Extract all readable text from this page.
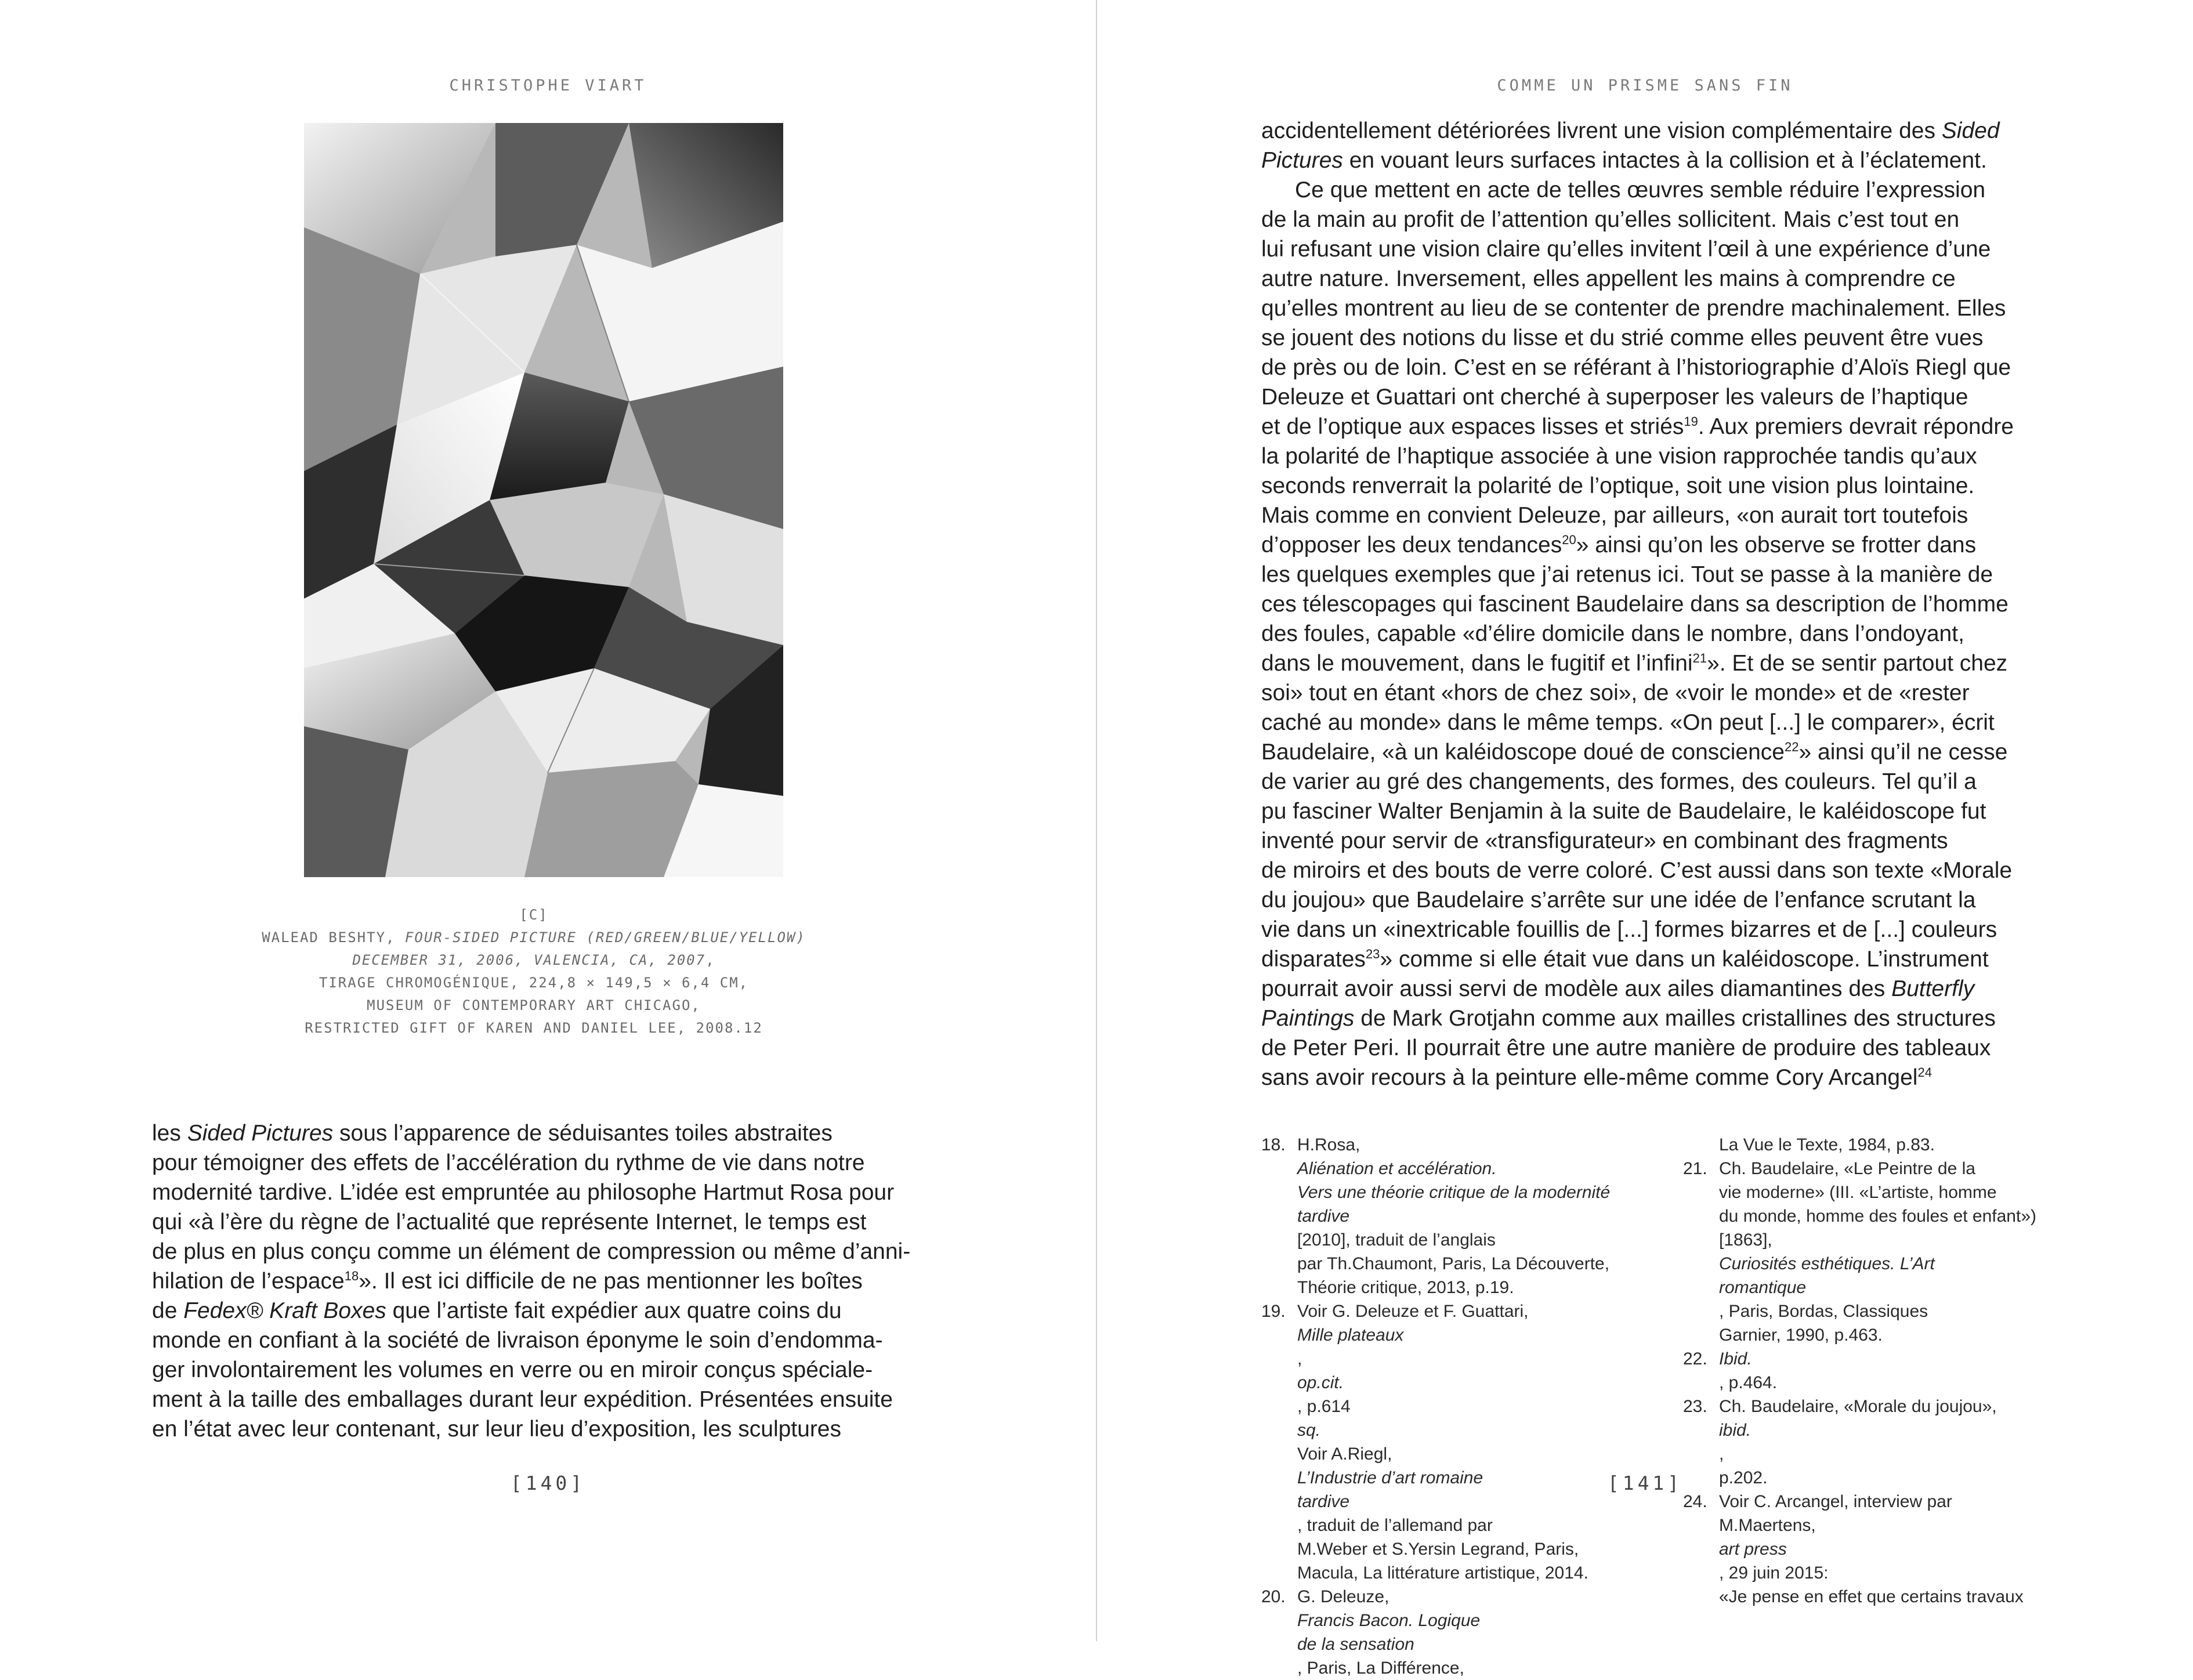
CHRISTOPHE VIART

[C]

WALEAD BESHTY, FOUR-SIDED PICTURE (RED/GREEN/BLUE/YELLOW)

DECEMBER 31, 2006, VALENCIA, CA, 2007,

TIRAGE CHROMOGÉNIQUE, 224,8 × 149,5 × 6,4 CM,

MUSEUM OF CONTEMPORARY ART CHICAGO,

RESTRICTED GIFT OF KAREN AND DANIEL LEE, 2008.12

les Sided Pictures sous l’apparence de séduisantes toiles abstraites
pour témoigner des effets de l’accélération du rythme de vie dans notre
modernité tardive. L’idée est empruntée au philosophe Hartmut Rosa pour
qui «à l’ère du règne de l’actualité que représente Internet, le temps est
de plus en plus conçu comme un élément de compression ou même d’anni-
hilation de l’espace$^{18}$». Il est ici difficile de ne pas mentionner les boîtes
de Fedex® Kraft Boxes que l’artiste fait expédier aux quatre coins du
monde en confiant à la société de livraison éponyme le soin d’endommа-
ger involontairement les volumes en verre ou en miroir conçus spéciale-
ment à la taille des emballages durant leur expédition. Présentées ensuite
en l’état avec leur contenant, sur leur lieu d’exposition, les sculptures
[140]

COMME UN PRISME SANS FIN

accidentellement détériorées livrent une vision complémentaire des Sided
Pictures en vouant leurs surfaces intactes à la collision et à l’éclatement.
Ce que mettent en acte de telles œuvres semble réduire l’expression
de la main au profit de l’attention qu’elles sollicitent. Mais c’est tout en
lui refusant une vision claire qu’elles invitent l’œil à une expérience d’une
autre nature. Inversement, elles appellent les mains à comprendre ce
qu’elles montrent au lieu de se contenter de prendre machinalement. Elles
se jouent des notions du lisse et du strié comme elles peuvent être vues
de près ou de loin. C’est en se référant à l’historiographie d’Aloïs Riegl que
Deleuze et Guattari ont cherché à superposer les valeurs de l’haptique
et de l’optique aux espaces lisses et striés$^{19}$. Aux premiers devrait répondre
la polarité de l’haptique associée à une vision rapprochée tandis qu’aux
seconds renverrait la polarité de l’optique, soit une vision plus lointaine.
Mais comme en convient Deleuze, par ailleurs, «on aurait tort toutefois
d’opposer les deux tendances$^{20}$» ainsi qu’on les observe se frotter dans
les quelques exemples que j’ai retenus ici. Tout se passe à la manière de
ces télescopages qui fascinent Baudelaire dans sa description de l’homme
des foules, capable «d’élire domicile dans le nombre, dans l’ondoyant,
dans le mouvement, dans le fugitif et l’infini$^{21}$». Et de se sentir partout chez
soi» tout en étant «hors de chez soi», de «voir le monde» et de «rester
caché au monde» dans le même temps. «On peut [...] le comparer», écrit
Baudelaire, «à un kaléidoscope doué de conscience$^{22}$» ainsi qu’il ne cesse
de varier au gré des changements, des formes, des couleurs. Tel qu’il a
pu fasciner Walter Benjamin à la suite de Baudelaire, le kaléidoscope fut
inventé pour servir de «transfigurateur» en combinant des fragments
de miroirs et des bouts de verre coloré. C’est aussi dans son texte «Morale
du joujou» que Baudelaire s’arrête sur une idée de l’enfance scrutant la
vie dans un «inextricable fouillis de [...] formes bizarres et de [...] couleurs
disparates$^{23}$» comme si elle était vue dans un kaléidoscope. L’instrument
pourrait avoir aussi servi de modèle aux ailes diamantines des Butterfly
Paintings de Mark Grotjahn comme aux mailles cristallines des structures
de Peter Peri. Il pourrait être une autre manière de produire des tableaux
sans avoir recours à la peinture elle-même comme Cory Arcangel$^{24}$
18. H.Rosa,
Aliénation et accélération.
Vers une théorie critique de la modernité
tardive
[2010], traduit de l’anglais
par Th.Chaumont, Paris, La Découverte,
Théorie critique, 2013, p.19.
19. Voir G. Deleuze et F. Guattari,
Mille plateaux
,
op.cit.
, p.614
sq.
Voir A.Riegl,
L’Industrie d’art romaine
tardive
, traduit de l’allemand par
M.Weber et S.Yersin Legrand, Paris,
Macula, La littérature artistique, 2014.
20. G. Deleuze,
Francis Bacon. Logique
de la sensation
, Paris, La Différence,
La Vue le Texte, 1984, p.83.
21. Ch. Baudelaire, «Le Peintre de la
vie moderne» (III. «L’artiste, homme
du monde, homme des foules et enfant»)
[1863],
Curiosités esthétiques. L’Art
romantique
, Paris, Bordas, Classiques
Garnier, 1990, p.463.
22. Ibid.
, p.464.
23. Ch. Baudelaire, «Morale du joujou»,
ibid.
,
p.202.
24. Voir C. Arcangel, interview par
M.Maertens,
art press
, 29 juin 2015:
«Je pense en effet que certains travaux
[141]
